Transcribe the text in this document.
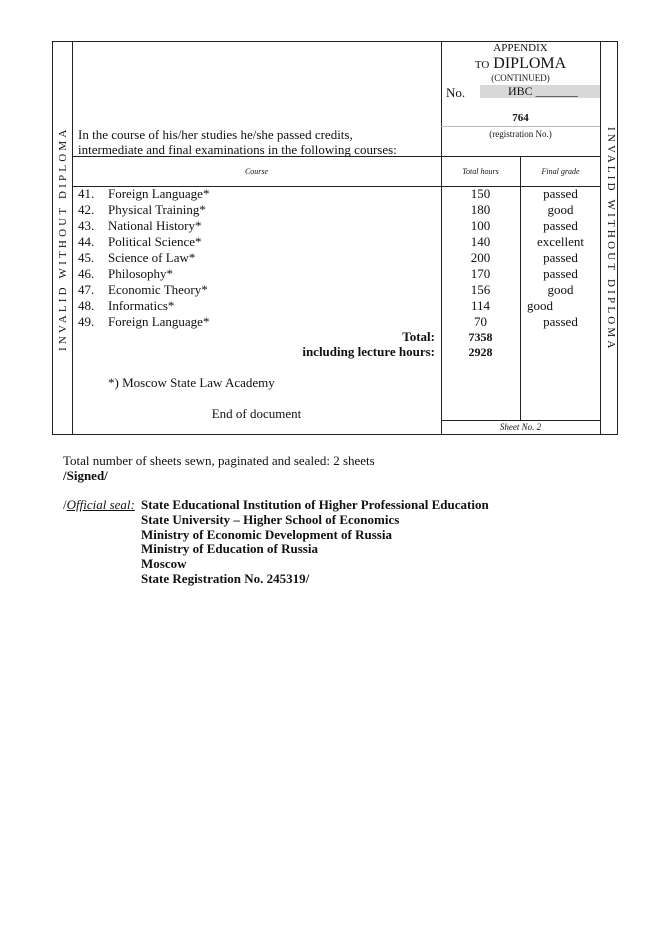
INVALID WITHOUT DIPLOMA	INVALID WITHOUT DIPLOMA
APPENDIX
TO DIPLOMA
(CONTINUED)
No.	ИВС _______
764
(registration No.)
In the course of his/her studies he/she passed credits,
intermediate and final examinations in the following courses:
Course	Total hours	Final grade
41. Foreign Language*	150	passed
42. Physical Training*	180	good
43. National History*	100	passed
44. Political Science*	140	excellent
45. Science of Law*	200	passed
46. Philosophy*	170	passed
47. Economic Theory*	156	good
48. Informatics*	114	good
49. Foreign Language*	70	passed
Total:	7358
including lecture hours:	2928
*) Moscow State Law Academy
End of document
Sheet No. 2
Total number of sheets sewn, paginated and sealed: 2 sheets
/Signed/
/Official seal: State Educational Institution of Higher Professional Education
State University – Higher School of Economics
Ministry of Economic Development of Russia
Ministry of Education of Russia
Moscow
State Registration No. 245319/
